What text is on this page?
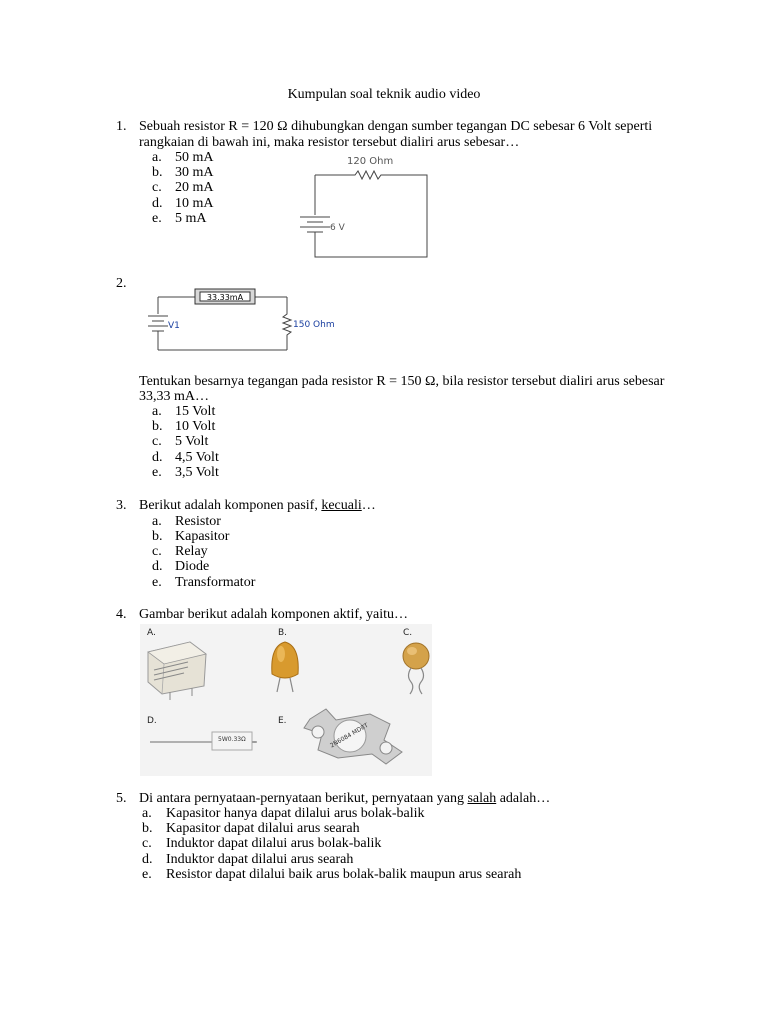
Kumpulan soal teknik audio video
1. Sebuah resistor R = 120 Ω dihubungkan dengan sumber tegangan DC sebesar 6 Volt seperti
rangkaian di bawah ini, maka resistor tersebut dialiri arus sebesar…
a. 50 mA
b. 30 mA
c. 20 mA
d. 10 mA
e. 5 mA
120 Ohm
6 V
2.
33.33mA
V1	150 Ohm
Tentukan besarnya tegangan pada resistor R = 150 Ω, bila resistor tersebut dialiri arus sebesar
33,33 mA…
a. 15 Volt
b. 10 Volt
c. 5 Volt
d. 4,5 Volt
e. 3,5 Volt
3. Berikut adalah komponen pasif, kecuali…
a. Resistor
b. Kapasitor
c. Relay
d. Diode
e. Transformator
4. Gambar berikut adalah komponen aktif, yaitu…
A.	B.	C.
D.
5W0.33Ω
E.
2N6084 MD8T
5. Di antara pernyataan-pernyataan berikut, pernyataan yang salah adalah…
a.	Kapasitor hanya dapat dilalui arus bolak-balik
b. Kapasitor dapat dilalui arus searah
c.	Induktor dapat dilalui arus bolak-balik
d. Induktor dapat dilalui arus searah
e.	Resistor dapat dilalui baik arus bolak-balik maupun arus searah
